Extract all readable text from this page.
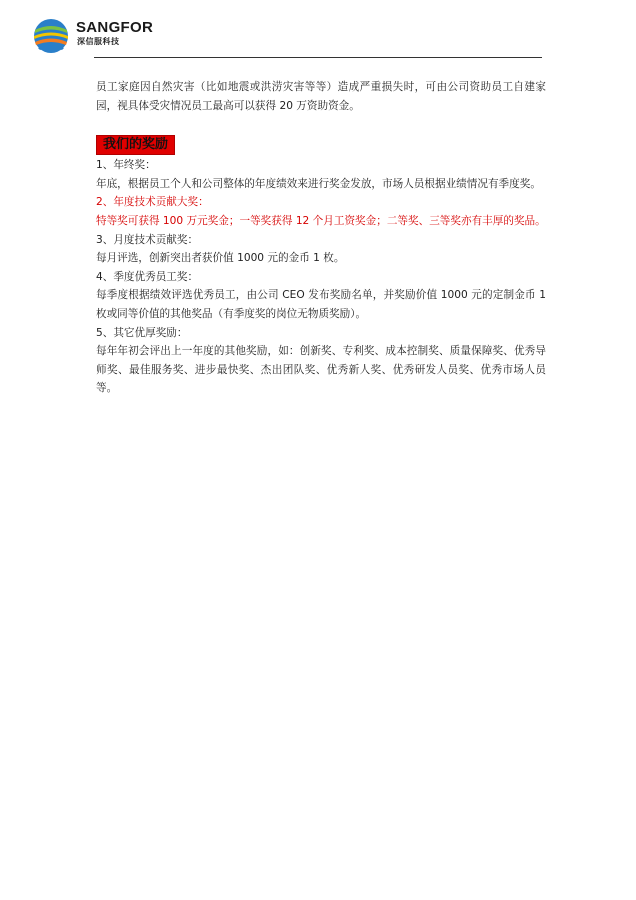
SANGFOR
深信服科技

员工家庭因自然灾害（比如地震或洪涝灾害等等）造成严重损失时，可由公司资助员工自建家园，视具体受灾情况员工最高可以获得 20 万资助资金。

我们的奖励

1、年终奖：

年底，根据员工个人和公司整体的年度绩效来进行奖金发放，市场人员根据业绩情况有季度奖。

2、年度技术贡献大奖：

特等奖可获得 100 万元奖金；一等奖获得 12 个月工资奖金；二等奖、三等奖亦有丰厚的奖品。

3、月度技术贡献奖：

每月评选，创新突出者获价值 1000 元的金币 1 枚。

4、季度优秀员工奖：

每季度根据绩效评选优秀员工，由公司 CEO 发布奖励名单，并奖励价值 1000 元的定制金币 1 枚或同等价值的其他奖品（有季度奖的岗位无物质奖励）。

5、其它优厚奖励：

每年年初会评出上一年度的其他奖励，如：创新奖、专利奖、成本控制奖、质量保障奖、优秀导师奖、最佳服务奖、进步最快奖、杰出团队奖、优秀新人奖、优秀研发人员奖、优秀市场人员等。
